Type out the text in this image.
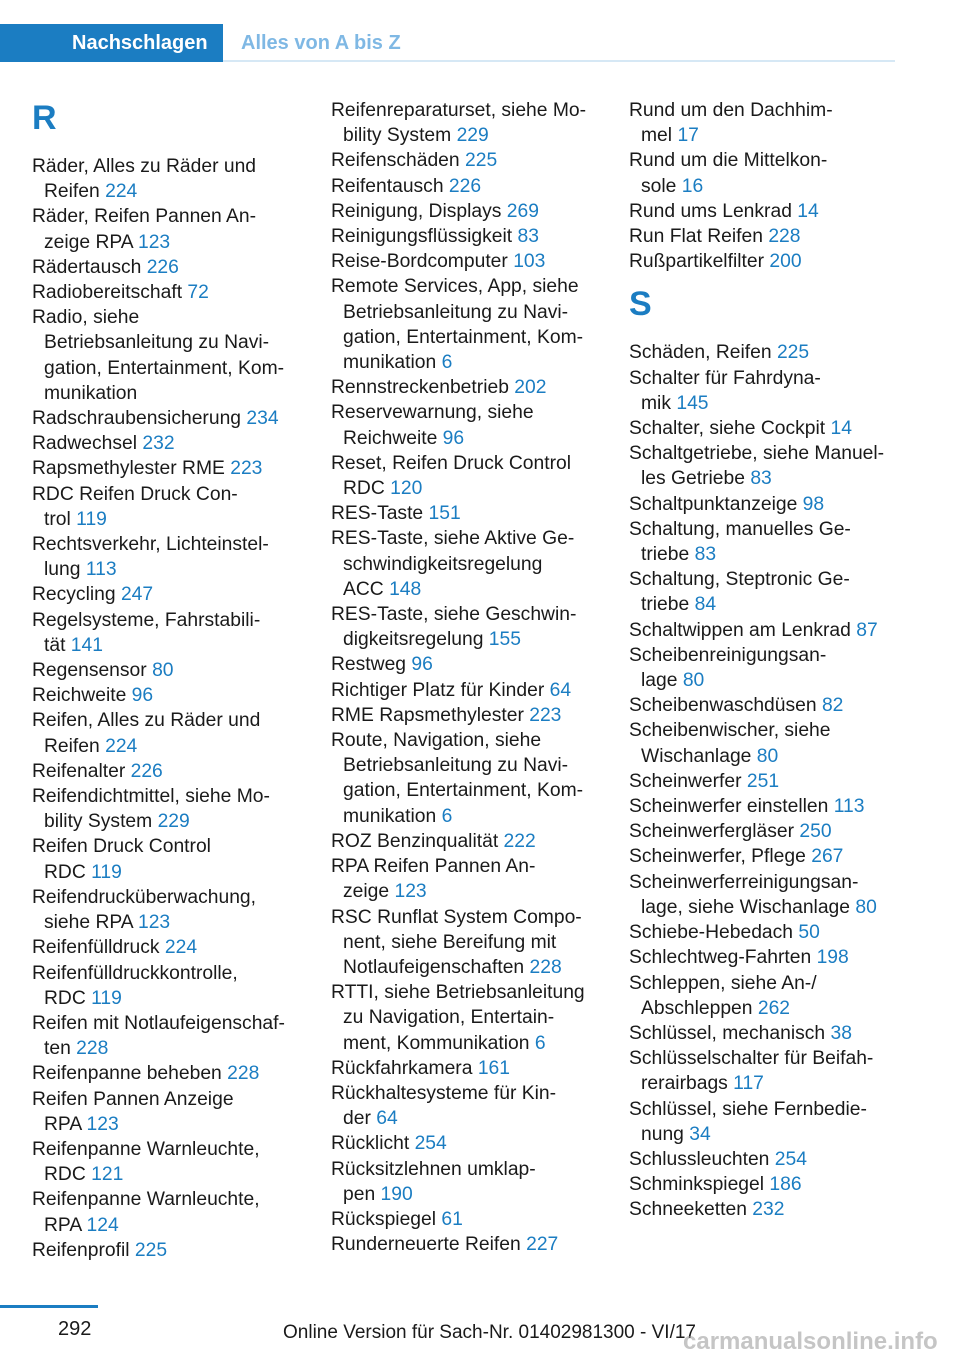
Nachschlagen	Alles von A bis Z
R
Räder, Alles zu Räder und
Reifen 224
Räder, Reifen Pannen An-
zeige RPA 123
Rädertausch 226
Radiobereitschaft 72
Radio, siehe
Betriebsanleitung zu Navi-
gation, Entertainment, Kom-
munikation
Radschraubensicherung 234
Radwechsel 232
Rapsmethylester RME 223
RDC Reifen Druck Con-
trol 119
Rechtsverkehr, Lichteinstel-
lung 113
Recycling 247
Regelsysteme, Fahrstabili-
tät 141
Regensensor 80
Reichweite 96
Reifen, Alles zu Räder und
Reifen 224
Reifenalter 226
Reifendichtmittel, siehe Mo-
bility System 229
Reifen Druck Control
RDC 119
Reifendrucküberwachung,
siehe RPA 123
Reifenfülldruck 224
Reifenfülldruckkontrolle,
RDC 119
Reifen mit Notlaufeigenschaf-
ten 228
Reifenpanne beheben 228
Reifen Pannen Anzeige
RPA 123
Reifenpanne Warnleuchte,
RDC 121
Reifenpanne Warnleuchte,
RPA 124
Reifenprofil 225
Reifenreparaturset, siehe Mo-
bility System 229
Reifenschäden 225
Reifentausch 226
Reinigung, Displays 269
Reinigungsflüssigkeit 83
Reise-Bordcomputer 103
Remote Services, App, siehe
Betriebsanleitung zu Navi-
gation, Entertainment, Kom-
munikation 6
Rennstreckenbetrieb 202
Reservewarnung, siehe
Reichweite 96
Reset, Reifen Druck Control
RDC 120
RES-Taste 151
RES-Taste, siehe Aktive Ge-
schwindigkeitsregelung
ACC 148
RES-Taste, siehe Geschwin-
digkeitsregelung 155
Restweg 96
Richtiger Platz für Kinder 64
RME Rapsmethylester 223
Route, Navigation, siehe
Betriebsanleitung zu Navi-
gation, Entertainment, Kom-
munikation 6
ROZ Benzinqualität 222
RPA Reifen Pannen An-
zeige 123
RSC Runflat System Compo-
nent, siehe Bereifung mit
Notlaufeigenschaften 228
RTTI, siehe Betriebsanleitung
zu Navigation, Entertain-
ment, Kommunikation 6
Rückfahrkamera 161
Rückhaltesysteme für Kin-
der 64
Rücklicht 254
Rücksitzlehnen umklap-
pen 190
Rückspiegel 61
Runderneuerte Reifen 227
Rund um den Dachhim-
mel 17
Rund um die Mittelkon-
sole 16
Rund ums Lenkrad 14
Run Flat Reifen 228
Rußpartikelfilter 200
S
Schäden, Reifen 225
Schalter für Fahrdyna-
mik 145
Schalter, siehe Cockpit 14
Schaltgetriebe, siehe Manuel-
les Getriebe 83
Schaltpunktanzeige 98
Schaltung, manuelles Ge-
triebe 83
Schaltung, Steptronic Ge-
triebe 84
Schaltwippen am Lenkrad 87
Scheibenreinigungsan-
lage 80
Scheibenwaschdüsen 82
Scheibenwischer, siehe
Wischanlage 80
Scheinwerfer 251
Scheinwerfer einstellen 113
Scheinwerfergläser 250
Scheinwerfer, Pflege 267
Scheinwerferreinigungsan-
lage, siehe Wischanlage 80
Schiebe-Hebedach 50
Schlechtweg-Fahrten 198
Schleppen, siehe An-/
Abschleppen 262
Schlüssel, mechanisch 38
Schlüsselschalter für Beifah-
rerairbags 117
Schlüssel, siehe Fernbedie-
nung 34
Schlussleuchten 254
Schminkspiegel 186
Schneeketten 232
292	Online Version für Sach-Nr. 01402981300 - VI/17
carmanualsonline.info
